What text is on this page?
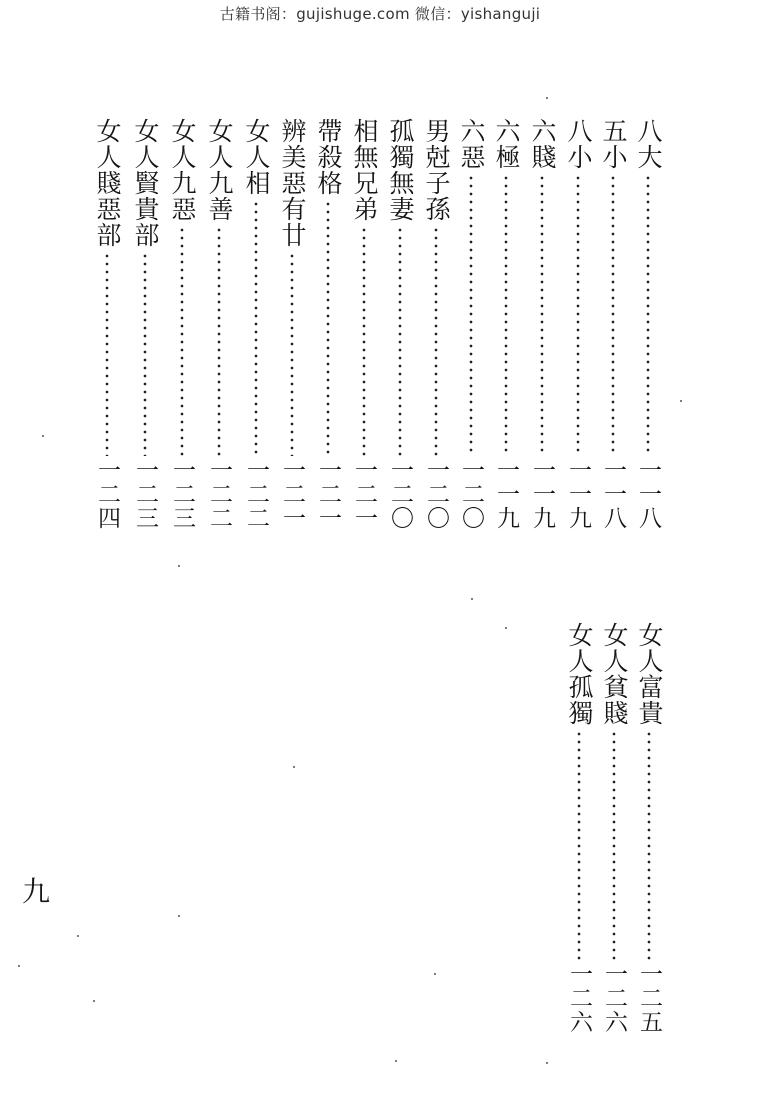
古籍书阁：gujishuge.com 微信：yishanguji
八大
一一八
五小
一一八
八小
一一九
六賤
一一九
六極
一一九
六惡
一二〇
男尅子孫
一二〇
孤獨無妻
一二〇
相無兄弟
一二一
帶殺格
一二一
辨美惡有廿
一二一
女人相
一二二
女人九善
一二二
女人九惡
一二三
女人賢貴部
一二三
女人賤惡部
一二四
女人富貴
一二五
女人貧賤
一二六
女人孤獨
一二六
九
